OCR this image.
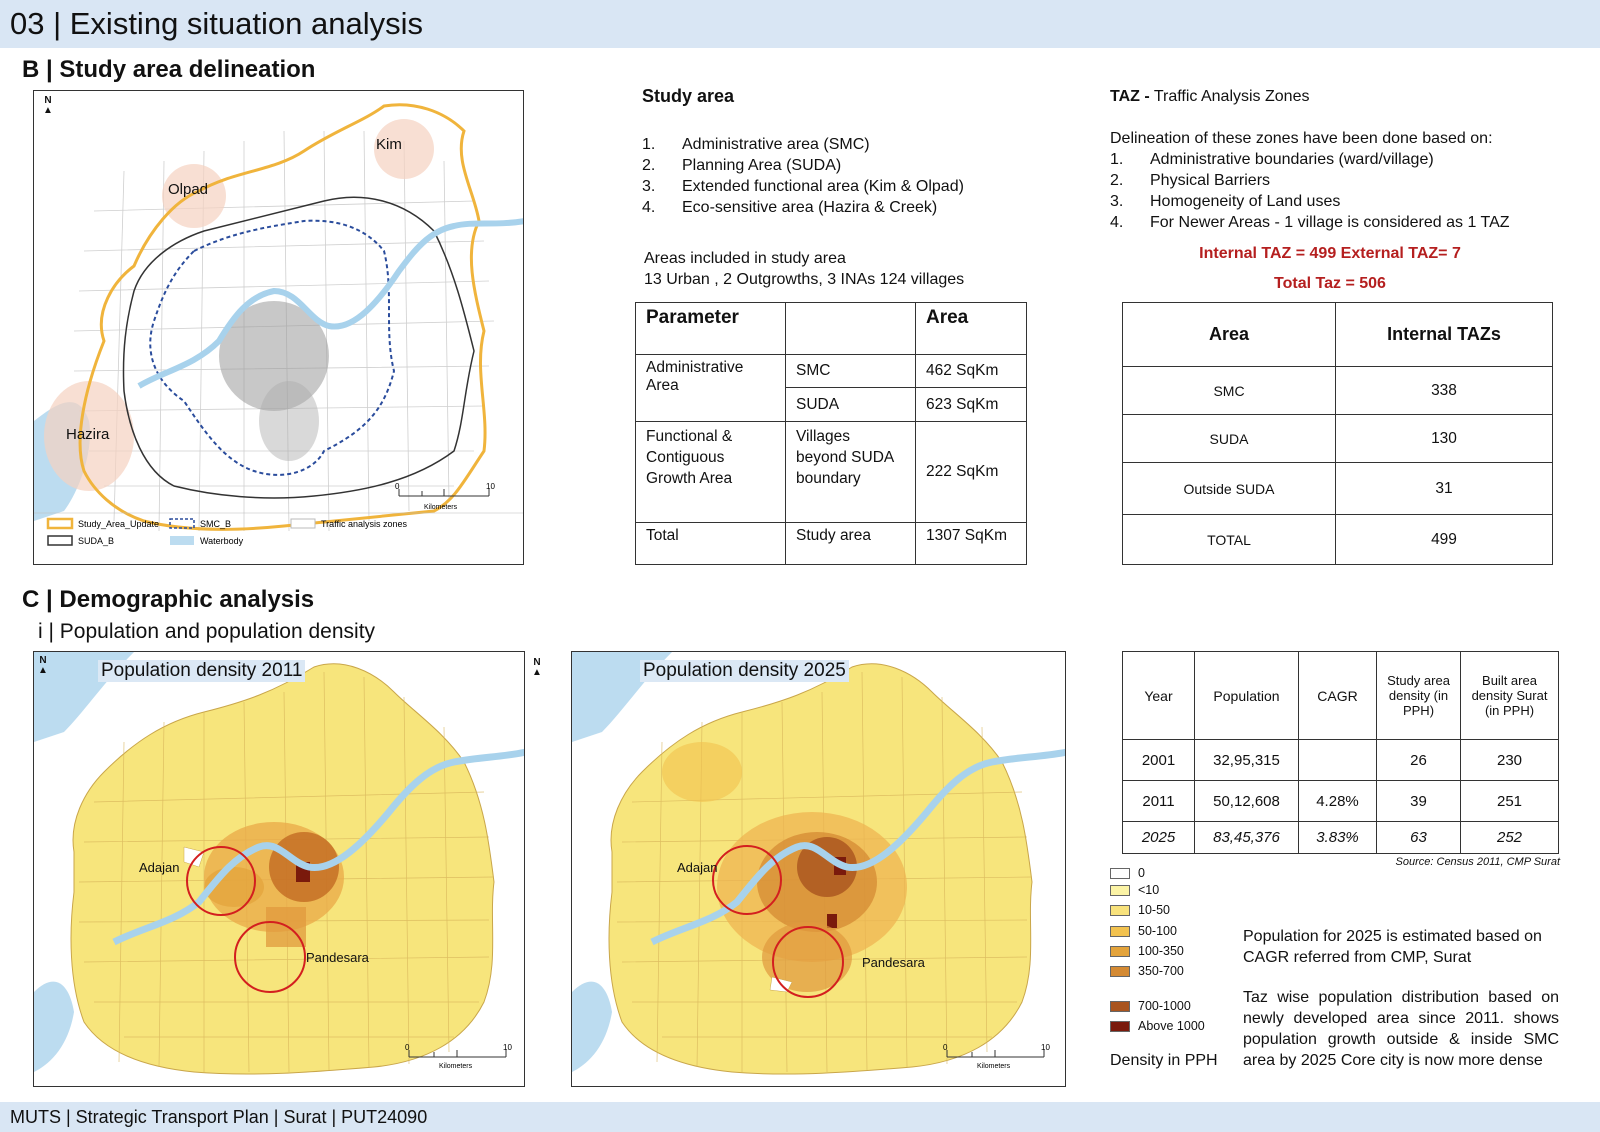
03 | Existing situation analysis
B | Study area delineation
0	10
Kilometers
Study_Area_Update	SMC_B	Traffic analysis zones
SUDA_B	Waterbody
N
▲
Kim
Olpad
Hazira
Study area
1.	Administrative area (SMC)
2.	Planning Area (SUDA)
3.	Extended functional area (Kim & Olpad)
4.	Eco-sensitive area (Hazira & Creek)
Areas included in study area
13 Urban , 2 Outgrowths, 3 INAs 124 villages
Parameter		Area
Administrative Area	SMC	462 SqKm
	SUDA	623 SqKm
Functional & Contiguous Growth Area	Villages beyond SUDA boundary	222 SqKm
Total	Study area	1307 SqKm
TAZ - Traffic Analysis Zones
Delineation of these zones have been done based on:
1.	Administrative boundaries (ward/village)
2.	Physical Barriers
3.	Homogeneity of Land uses
4.	For Newer Areas - 1 village is considered as 1 TAZ
Internal TAZ = 499 External TAZ= 7
Total Taz = 506
Area	Internal TAZs
SMC	338
SUDA	130
Outside SUDA	31
TOTAL	499
C | Demographic analysis
i | Population and population density
0	10
Kilometers
N
▲	Population density 2011
Adajan
Pandesara
0	10
Kilometers
Population density 2025
Adajan
Pandesara
N
▲
Year	Population	CAGR	Study area density (in PPH)	Built area density Surat (in PPH)
2001	32,95,315		26	230
2011	50,12,608	4.28%	39	251
2025	83,45,376	3.83%	63	252
Source: Census 2011, CMP Surat
0
<10
10-50
50-100
100-350
350-700
700-1000
Above 1000
Density in PPH
Population for 2025 is estimated based on CAGR referred from CMP, Surat
Taz wise population distribution based on newly developed area since 2011. shows population growth outside & inside SMC area by 2025 Core city is now more dense
MUTS | Strategic Transport Plan | Surat | PUT24090
